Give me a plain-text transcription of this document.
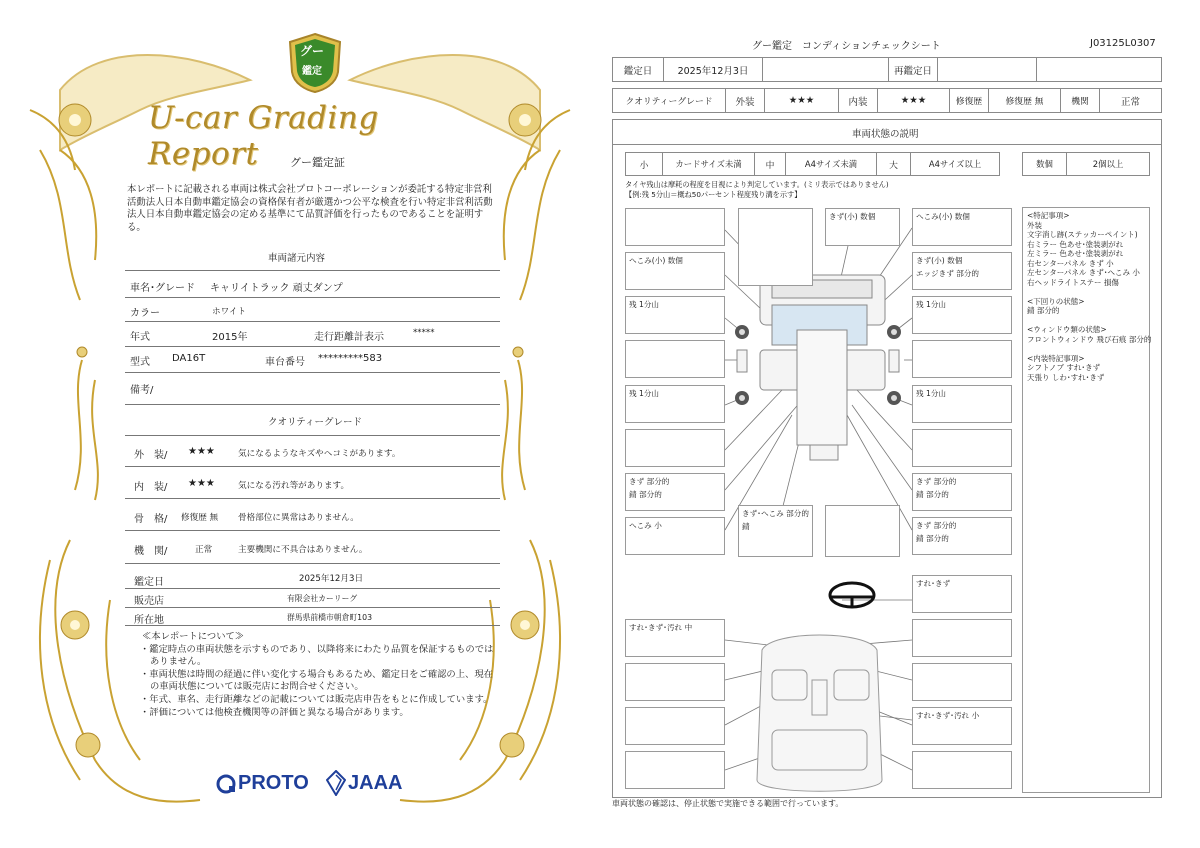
グー
鑑定
U-car Grading Report	グー鑑定証
本レポートに記載される車両は株式会社プロトコーポレーションが委託する特定非営利活動法人日本自動車鑑定協会の資格保有者が厳選かつ公平な検査を行い特定非営利活動法人日本自動車鑑定協会の定める基準にて品質評価を行ったものであることを証明する。
車両諸元内容
車名･グレード キャリイトラック 頑丈ダンプ
カラー	ホワイト
年式	2015年	走行距離計表示	*****
型式 DA16T	車台番号 *********583
備考/
クオリティーグレード
外　装/ ★★★	気になるようなキズやヘコミがあります。
内　装/ ★★★	気になる汚れ等があります。
骨　格/ 修復歴 無 骨格部位に異常はありません。
機　関/	正常	主要機関に不具合はありません。
鑑定日	2025年12月3日
販売店	有限会社カーリーグ
所在地	群馬県前橋市朝倉町103
≪本レポートについて≫
・鑑定時点の車両状態を示すものであり、以降将来にわたり品質を保証するものではありません。
・車両状態は時間の経過に伴い変化する場合もあるため、鑑定日をご確認の上、現在の車両状態については販売店にお問合せください。
・年式、車名、走行距離などの記載については販売店申告をもとに作成しています。
・評価については他検査機関等の評価と異なる場合があります。
PROTO JAAA
グー鑑定　コンディションチェックシート	J03125L0307
鑑定日	2025年12月3日	再鑑定日
クオリティーグレード	外装	★★★	内装	★★★	修復歴	修復歴 無	機関	正常
車両状態の説明
小	カードサイズ未満	中	A4サイズ未満	大	A4サイズ以上	数個	2個以上
タイヤ残山は摩耗の程度を目視により判定しています。(ミリ表示ではありません)
【例:残 5分山＝概ね50パーセント程度残り溝を示す】
きず(小) 数個	へこみ(小) 数個
へこみ(小) 数個	きず(小) 数個
エッジきず 部分的
残 1分山	残 1分山
残 1分山	残 1分山
きず 部分的
錆 部分的
きず 部分的
錆 部分的
へこみ 小
きず･へこみ 部分的
錆	きず 部分的
錆 部分的
すれ･きず
すれ･きず･汚れ 中
すれ･きず･汚れ 小
<特記事項>
外装
文字消し跡(ステッカーペイント)
右ミラー 色あせ･塗装剥がれ
左ミラー 色あせ･塗装剥がれ
右センターパネル きず 小
左センターパネル きず･へこみ 小
右ヘッドライトステー 損傷
<下回りの状態>
錆 部分的
<ウィンドウ類の状態>
フロントウィンドウ 飛び石痕 部分的
<内装特記事項>
シフトノブ すれ･きず
天張り しわ･すれ･きず
車両状態の確認は、停止状態で実施できる範囲で行っています。
